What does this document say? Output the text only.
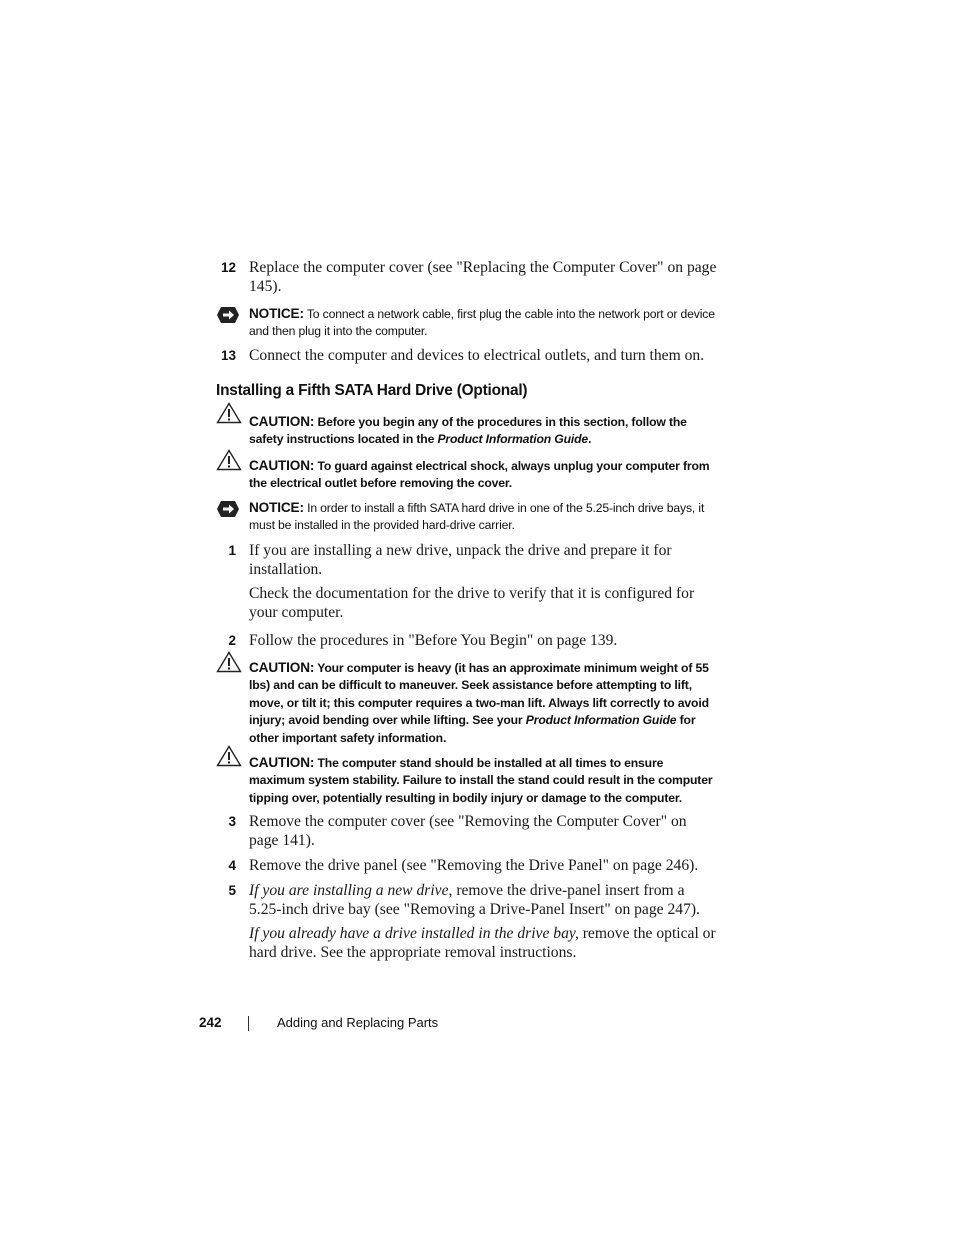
12 Replace the computer cover (see "Replacing the Computer Cover" on page 145).
NOTICE: To connect a network cable, first plug the cable into the network port or device and then plug it into the computer.
13 Connect the computer and devices to electrical outlets, and turn them on.
Installing a Fifth SATA Hard Drive (Optional)
CAUTION: Before you begin any of the procedures in this section, follow the safety instructions located in the Product Information Guide.
CAUTION: To guard against electrical shock, always unplug your computer from the electrical outlet before removing the cover.
NOTICE: In order to install a fifth SATA hard drive in one of the 5.25-inch drive bays, it must be installed in the provided hard-drive carrier.
1 If you are installing a new drive, unpack the drive and prepare it for installation.
Check the documentation for the drive to verify that it is configured for your computer.
2 Follow the procedures in "Before You Begin" on page 139.
CAUTION: Your computer is heavy (it has an approximate minimum weight of 55 lbs) and can be difficult to maneuver. Seek assistance before attempting to lift, move, or tilt it; this computer requires a two-man lift. Always lift correctly to avoid injury; avoid bending over while lifting. See your Product Information Guide for other important safety information.
CAUTION: The computer stand should be installed at all times to ensure maximum system stability. Failure to install the stand could result in the computer tipping over, potentially resulting in bodily injury or damage to the computer.
3 Remove the computer cover (see "Removing the Computer Cover" on page 141).
4 Remove the drive panel (see "Removing the Drive Panel" on page 246).
5 If you are installing a new drive, remove the drive-panel insert from a 5.25-inch drive bay (see "Removing a Drive-Panel Insert" on page 247).
If you already have a drive installed in the drive bay, remove the optical or hard drive. See the appropriate removal instructions.
242	Adding and Replacing Parts
